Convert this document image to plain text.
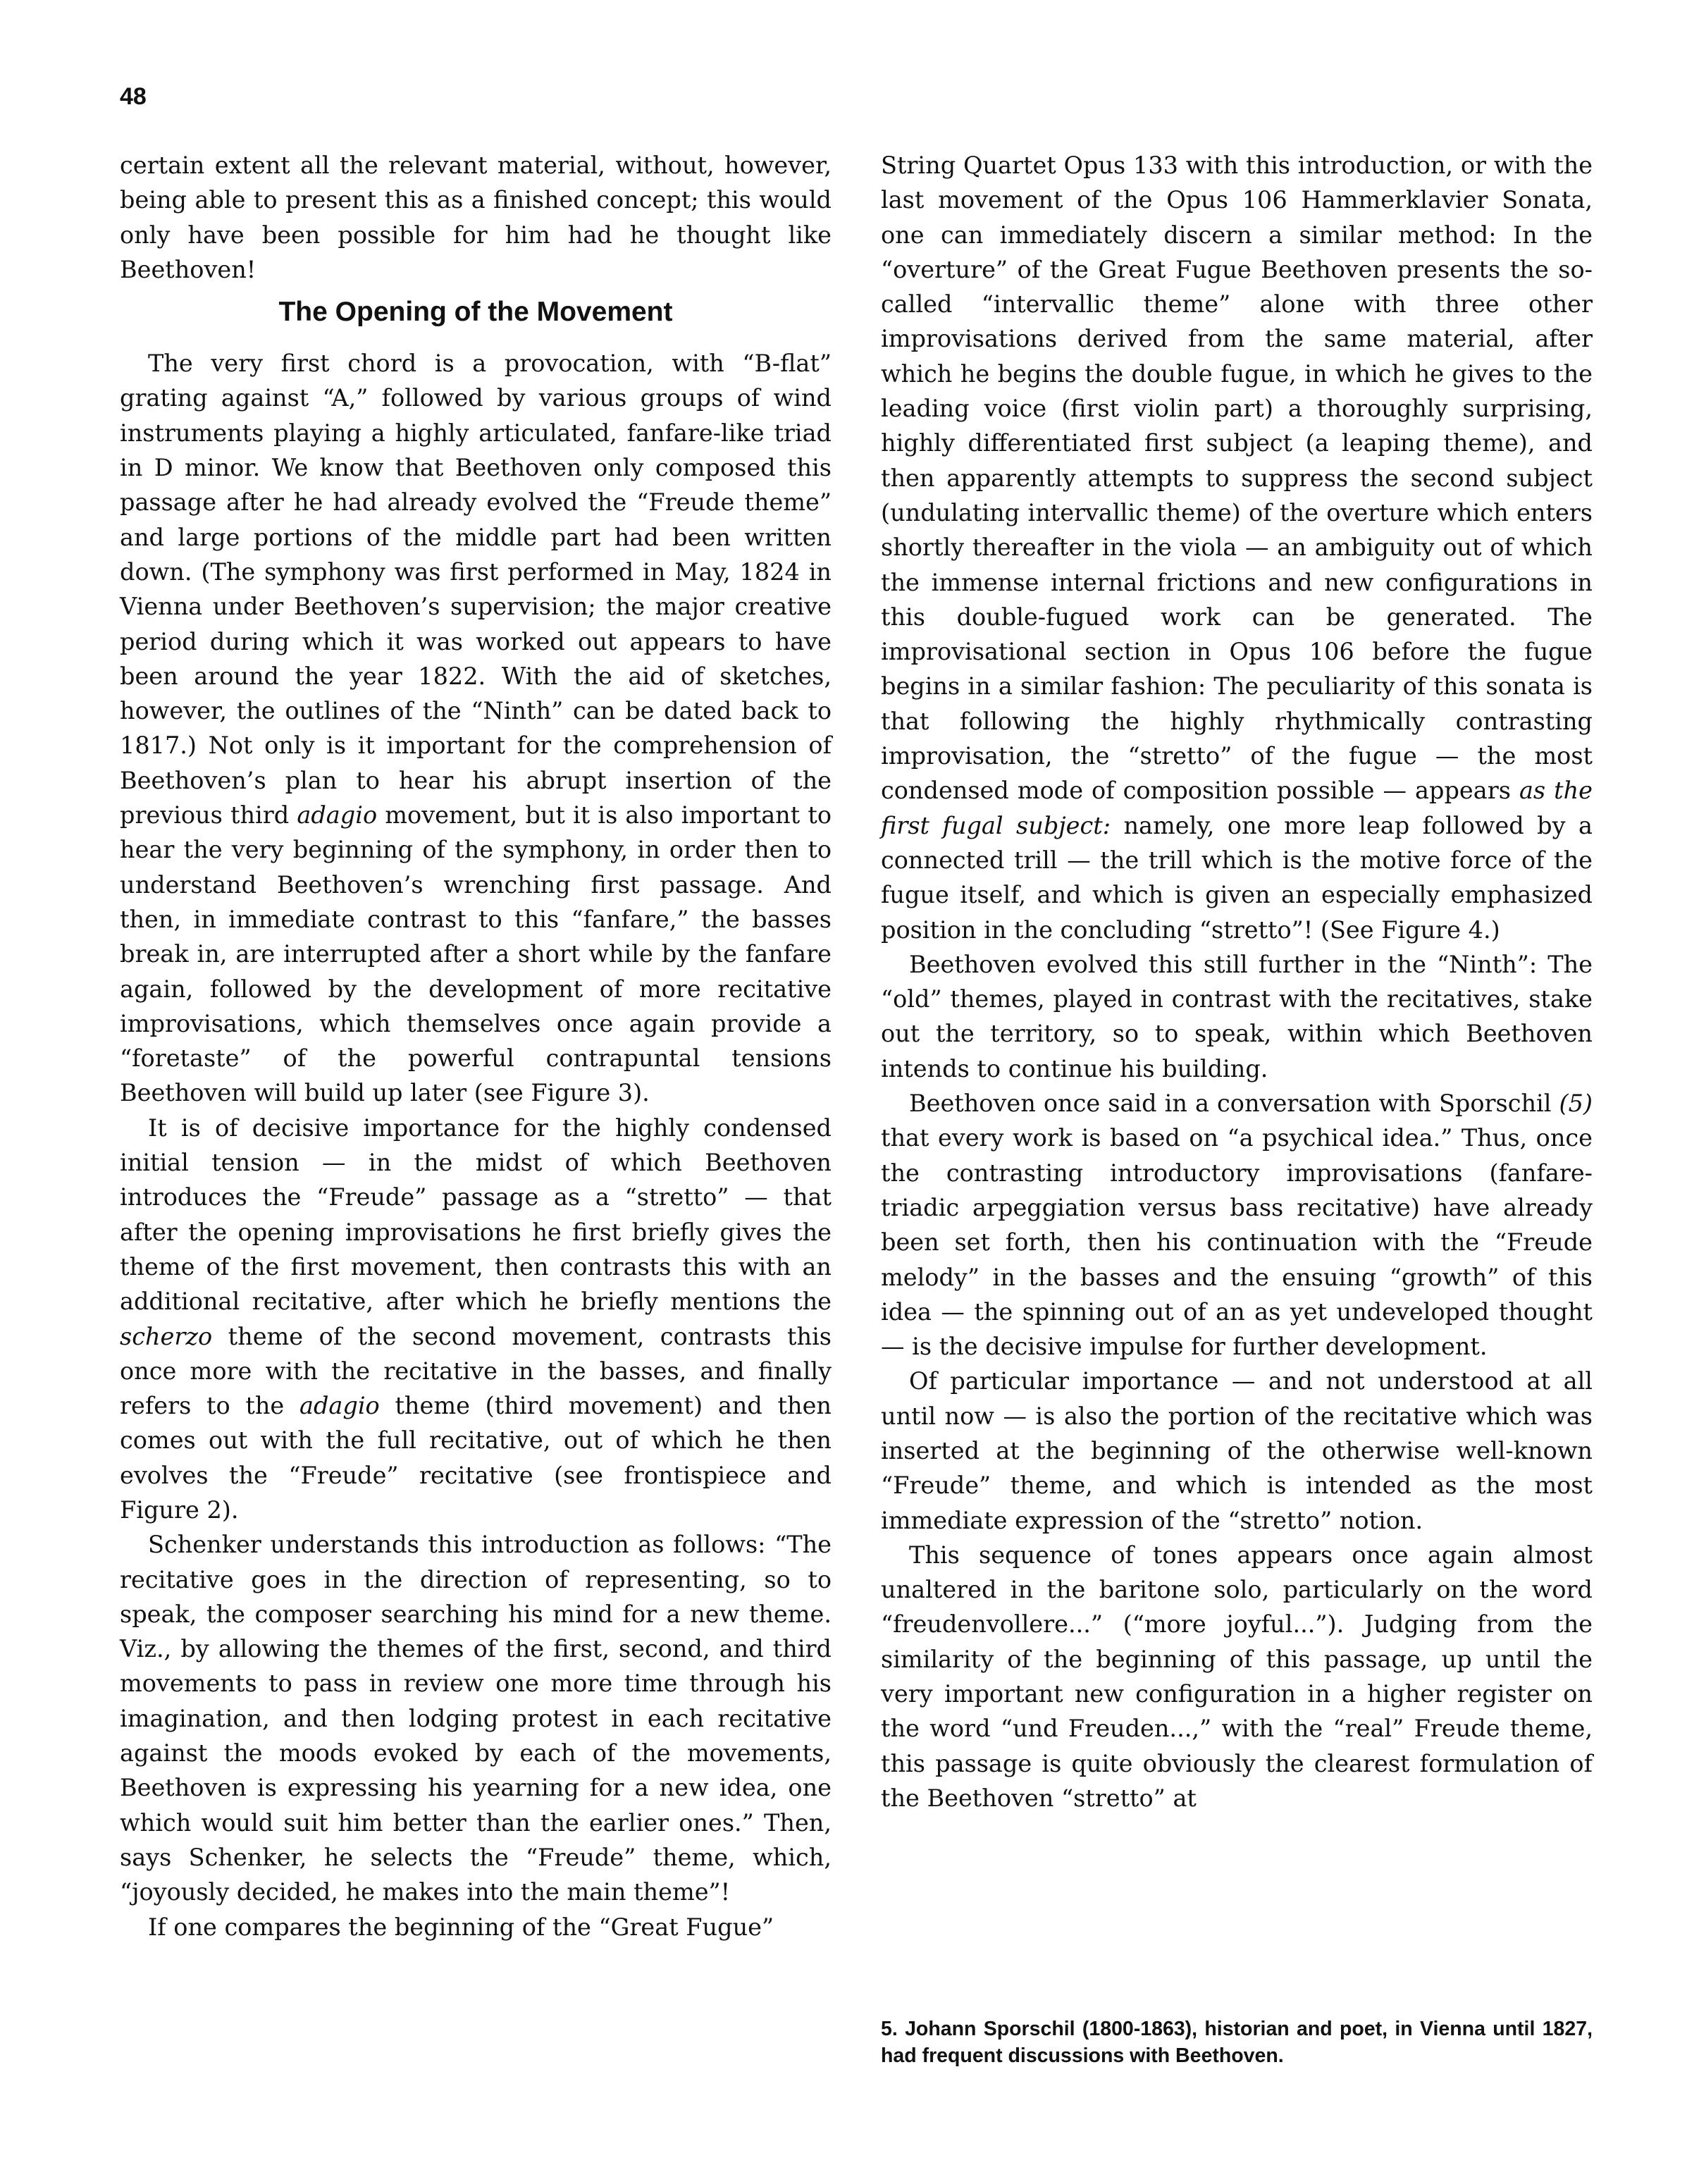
48

certain extent all the relevant material, without, however, being able to present this as a finished concept; this would only have been possible for him had he thought like Beethoven!

The Opening of the Movement

The very first chord is a provocation, with “B-flat” grating against “A,” followed by various groups of wind instruments playing a highly articulated, fanfare-like triad in D minor. We know that Beethoven only composed this passage after he had already evolved the “Freude theme” and large portions of the middle part had been written down. (The symphony was first performed in May, 1824 in Vienna under Beethoven’s supervision; the major creative period during which it was worked out appears to have been around the year 1822. With the aid of sketches, however, the outlines of the “Ninth” can be dated back to 1817.) Not only is it important for the comprehension of Beethoven’s plan to hear his abrupt insertion of the previous third adagio movement, but it is also important to hear the very beginning of the symphony, in order then to understand Beethoven’s wrenching first passage. And then, in immediate contrast to this “fanfare,” the basses break in, are interrupted after a short while by the fanfare again, followed by the development of more recitative improvisations, which themselves once again provide a “foretaste” of the powerful contrapuntal tensions Beethoven will build up later (see Figure 3).

It is of decisive importance for the highly condensed initial tension — in the midst of which Beethoven introduces the “Freude” passage as a “stretto” — that after the opening improvisations he first briefly gives the theme of the first movement, then contrasts this with an additional recitative, after which he briefly mentions the scherzo theme of the second movement, contrasts this once more with the recitative in the basses, and finally refers to the adagio theme (third movement) and then comes out with the full recitative, out of which he then evolves the “Freude” recitative (see frontispiece and Figure 2).

Schenker understands this introduction as follows: “The recitative goes in the direction of representing, so to speak, the composer searching his mind for a new theme. Viz., by allowing the themes of the first, second, and third movements to pass in review one more time through his imagination, and then lodging protest in each recitative against the moods evoked by each of the movements, Beethoven is expressing his yearning for a new idea, one which would suit him better than the earlier ones.” Then, says Schenker, he selects the “Freude” theme, which, “joyously decided, he makes into the main theme”!

If one compares the beginning of the “Great Fugue”

String Quartet Opus 133 with this introduction, or with the last movement of the Opus 106 Hammerklavier Sonata, one can immediately discern a similar method: In the “overture” of the Great Fugue Beethoven presents the so-called “intervallic theme” alone with three other improvisations derived from the same material, after which he begins the double fugue, in which he gives to the leading voice (first violin part) a thoroughly surprising, highly differentiated first subject (a leaping theme), and then apparently attempts to suppress the second subject (undulating intervallic theme) of the overture which enters shortly thereafter in the viola — an ambiguity out of which the immense internal frictions and new configurations in this double-fugued work can be generated. The improvisational section in Opus 106 before the fugue begins in a similar fashion: The peculiarity of this sonata is that following the highly rhythmically contrasting improvisation, the “stretto” of the fugue — the most condensed mode of composition possible — appears as the first fugal subject: namely, one more leap followed by a connected trill — the trill which is the motive force of the fugue itself, and which is given an especially emphasized position in the concluding “stretto”! (See Figure 4.)

Beethoven evolved this still further in the “Ninth”: The “old” themes, played in contrast with the recitatives, stake out the territory, so to speak, within which Beethoven intends to continue his building.

Beethoven once said in a conversation with Sporschil (5) that every work is based on “a psychical idea.” Thus, once the contrasting introductory improvisations (fanfare-triadic arpeggiation versus bass recitative) have already been set forth, then his continuation with the “Freude melody” in the basses and the ensuing “growth” of this idea — the spinning out of an as yet undeveloped thought — is the decisive impulse for further development.

Of particular importance — and not understood at all until now — is also the portion of the recitative which was inserted at the beginning of the otherwise well-known “Freude” theme, and which is intended as the most immediate expression of the “stretto” notion.

This sequence of tones appears once again almost unaltered in the baritone solo, particularly on the word “freudenvollere...” (“more joyful...”). Judging from the similarity of the beginning of this passage, up until the very important new configuration in a higher register on the word “und Freuden...,” with the “real” Freude theme, this passage is quite obviously the clearest formulation of the Beethoven “stretto” at

5. Johann Sporschil (1800-1863), historian and poet, in Vienna until 1827, had frequent discussions with Beethoven.
